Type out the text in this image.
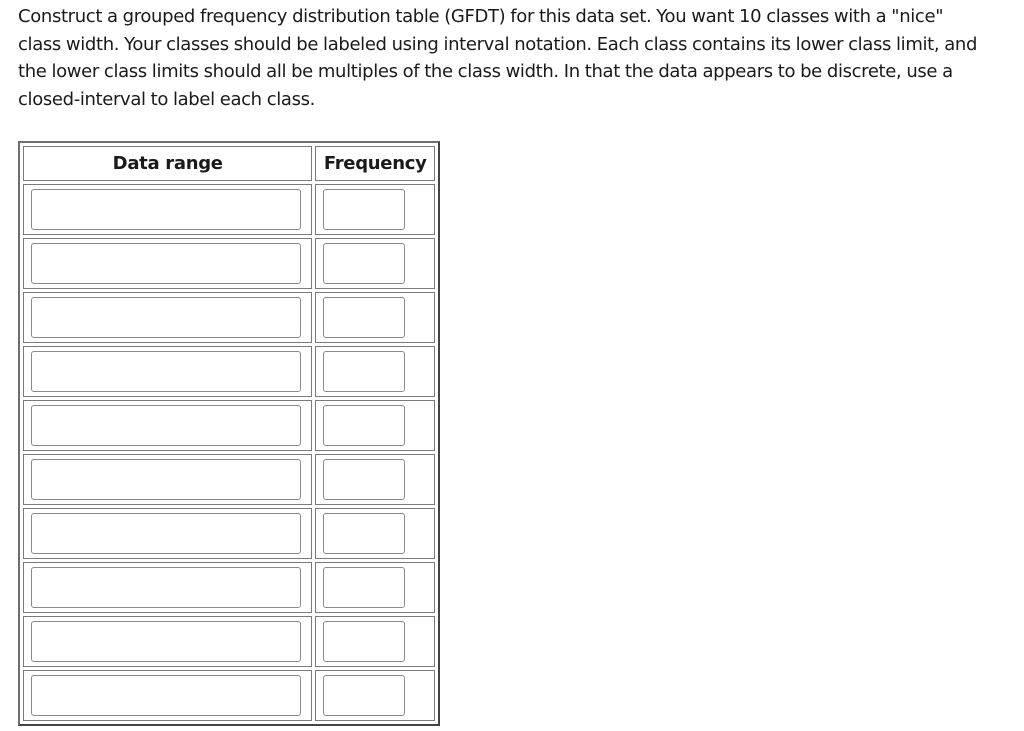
Construct a grouped frequency distribution table (GFDT) for this data set. You want 10 classes with a "nice" class width. Your classes should be labeled using interval notation. Each class contains its lower class limit, and the lower class limits should all be multiples of the class width. In that the data appears to be discrete, use a closed-interval to label each class.

Data range	Frequency
